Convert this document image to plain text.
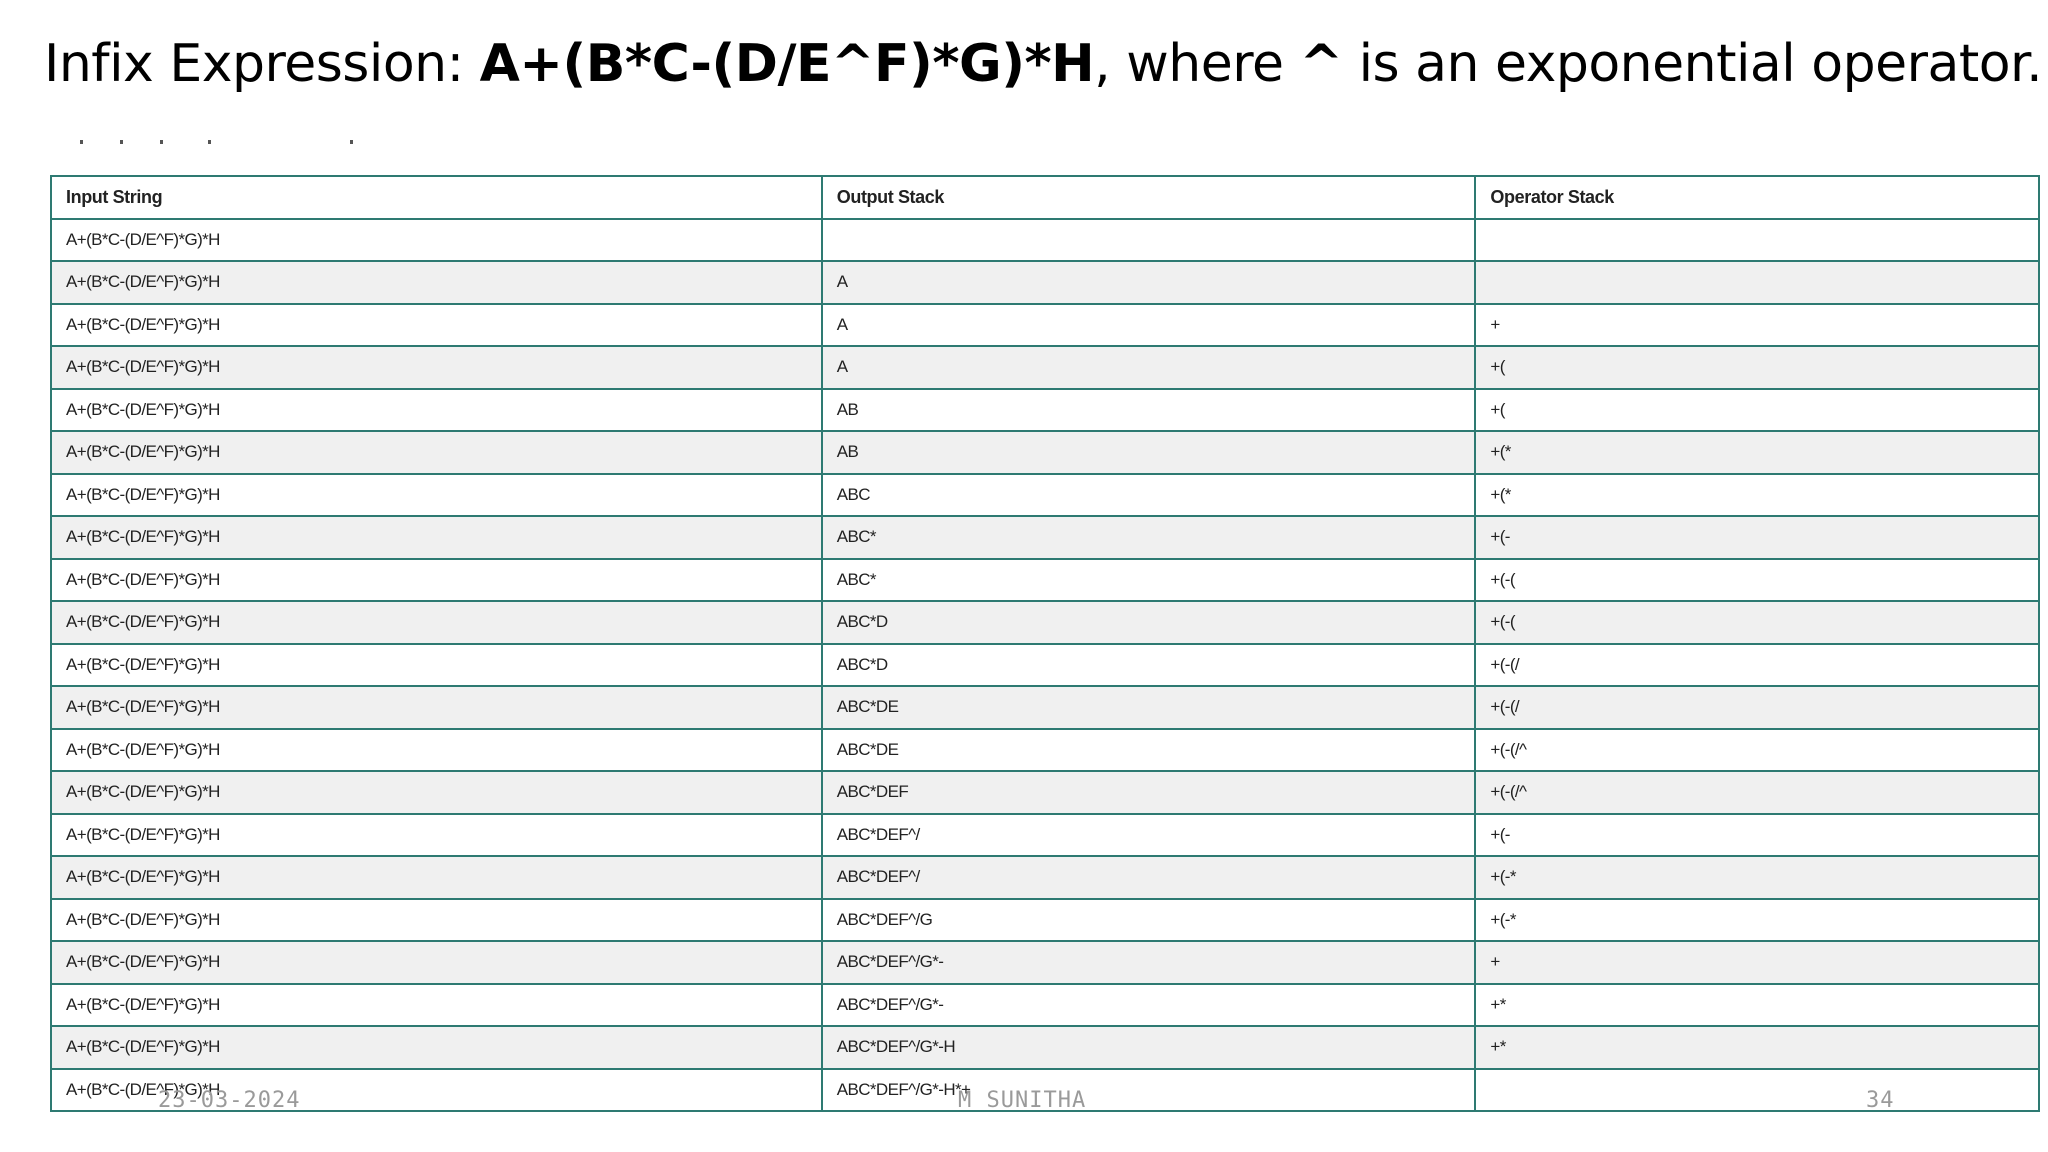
Infix Expression: A+(B*C-(D/E^F)*G)*H, where ^ is an exponential operator.
Input String	Output Stack	Operator Stack
A+(B*C-(D/E^F)*G)*H		
A+(B*C-(D/E^F)*G)*H	A	
A+(B*C-(D/E^F)*G)*H	A	+
A+(B*C-(D/E^F)*G)*H	A	+(
A+(B*C-(D/E^F)*G)*H	AB	+(
A+(B*C-(D/E^F)*G)*H	AB	+(*
A+(B*C-(D/E^F)*G)*H	ABC	+(*
A+(B*C-(D/E^F)*G)*H	ABC*	+(-
A+(B*C-(D/E^F)*G)*H	ABC*	+(-(
A+(B*C-(D/E^F)*G)*H	ABC*D	+(-(
A+(B*C-(D/E^F)*G)*H	ABC*D	+(-(/
A+(B*C-(D/E^F)*G)*H	ABC*DE	+(-(/
A+(B*C-(D/E^F)*G)*H	ABC*DE	+(-(/^
A+(B*C-(D/E^F)*G)*H	ABC*DEF	+(-(/^
A+(B*C-(D/E^F)*G)*H	ABC*DEF^/	+(-
A+(B*C-(D/E^F)*G)*H	ABC*DEF^/	+(-*
A+(B*C-(D/E^F)*G)*H	ABC*DEF^/G	+(-*
A+(B*C-(D/E^F)*G)*H	ABC*DEF^/G*-	+
A+(B*C-(D/E^F)*G)*H	ABC*DEF^/G*-	+*
A+(B*C-(D/E^F)*G)*H	ABC*DEF^/G*-H	+*
A+(B*C-(D/E^F)*G)*H	ABC*DEF^/G*-H*+	
23-03-2024	M SUNITHA	34
